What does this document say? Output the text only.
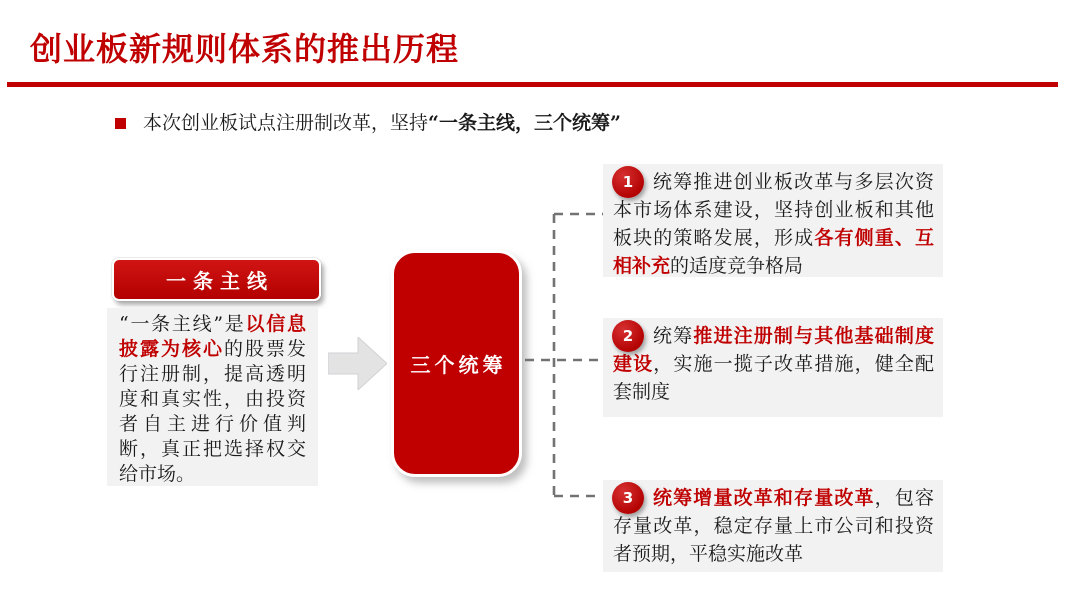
创业板新规则体系的推出历程
本次创业板试点注册制改革，坚持“一条主线，三个统筹”
一条主线

“一条主线”是以信息披露为核心的股票发行注册制，提高透明度和真实性，由投资者自主进行价值判断，真正把选择权交给市场。

三个统筹
1	统筹推进创业板改革与多层次资本市场体系建设，坚持创业板和其他板块的策略发展，形成各有侧重、互相补充的适度竞争格局

2	统筹推进注册制与其他基础制度建设，实施一揽子改革措施，健全配套制度

3	统筹增量改革和存量改革，包容存量改革，稳定存量上市公司和投资者预期，平稳实施改革
